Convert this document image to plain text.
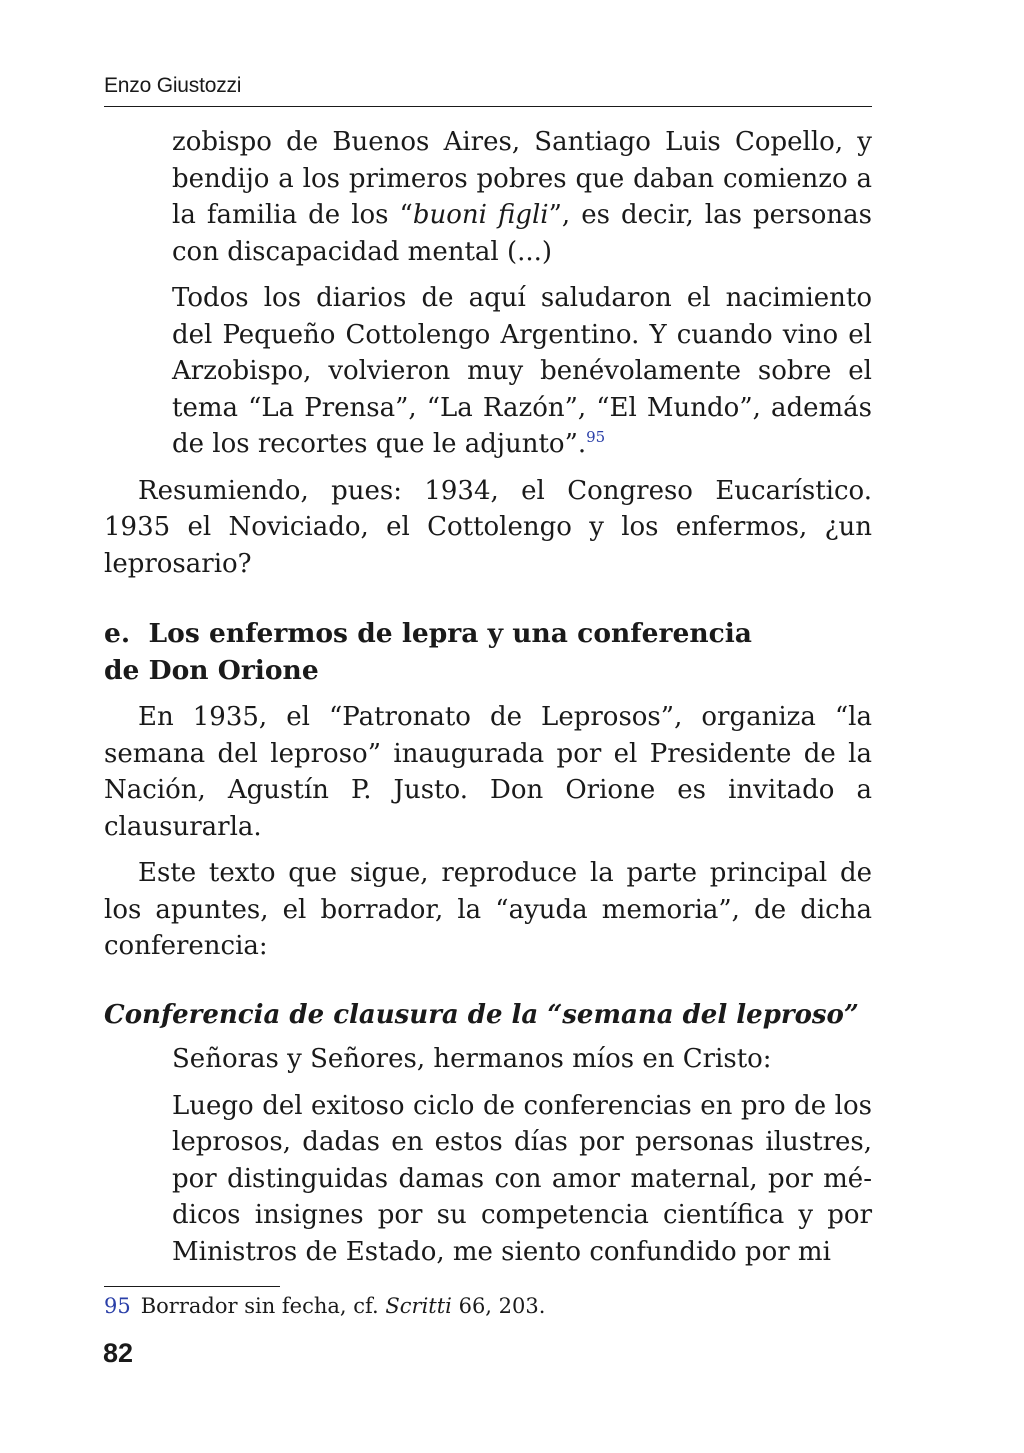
Enzo Giustozzi

zobispo de Buenos Aires, Santiago Luis Copello, y bendijo a los primeros pobres que daban comienzo a la familia de los “buoni figli”, es decir, las personas con discapacidad mental (...)

Todos los diarios de aquí saludaron el nacimiento del Pequeño Cottolengo Argentino. Y cuando vino el Arzobispo, volvieron muy benévolamente sobre el tema “La Prensa”, “La Razón”, “El Mundo”, además de los recortes que le adjunto”.$^{95}$

Resumiendo, pues: 1934, el Congreso Eucarístico. 1935 el Noviciado, el Cottolengo y los enfermos, ¿un leprosario?

e.  Los enfermos de lepra y una conferencia
de Don Orione

En 1935, el “Patronato de Leprosos”, organiza “la semana del leproso” inaugurada por el Presidente de la Nación, Agustín P. Justo. Don Orione es invitado a clausurarla.

Este texto que sigue, reproduce la parte principal de los apuntes, el borrador, la “ayuda memoria”, de dicha conferencia:

Conferencia de clausura de la “semana del leproso”

Señoras y Señores, hermanos míos en Cristo:

Luego del exitoso ciclo de conferencias en pro de los leprosos, dadas en estos días por personas ilustres, por distinguidas damas con amor maternal, por médicos insignes por su competencia científica y por Ministros de Estado, me siento confundido por mi

95 Borrador sin fecha, cf. Scritti 66, 203.
82
